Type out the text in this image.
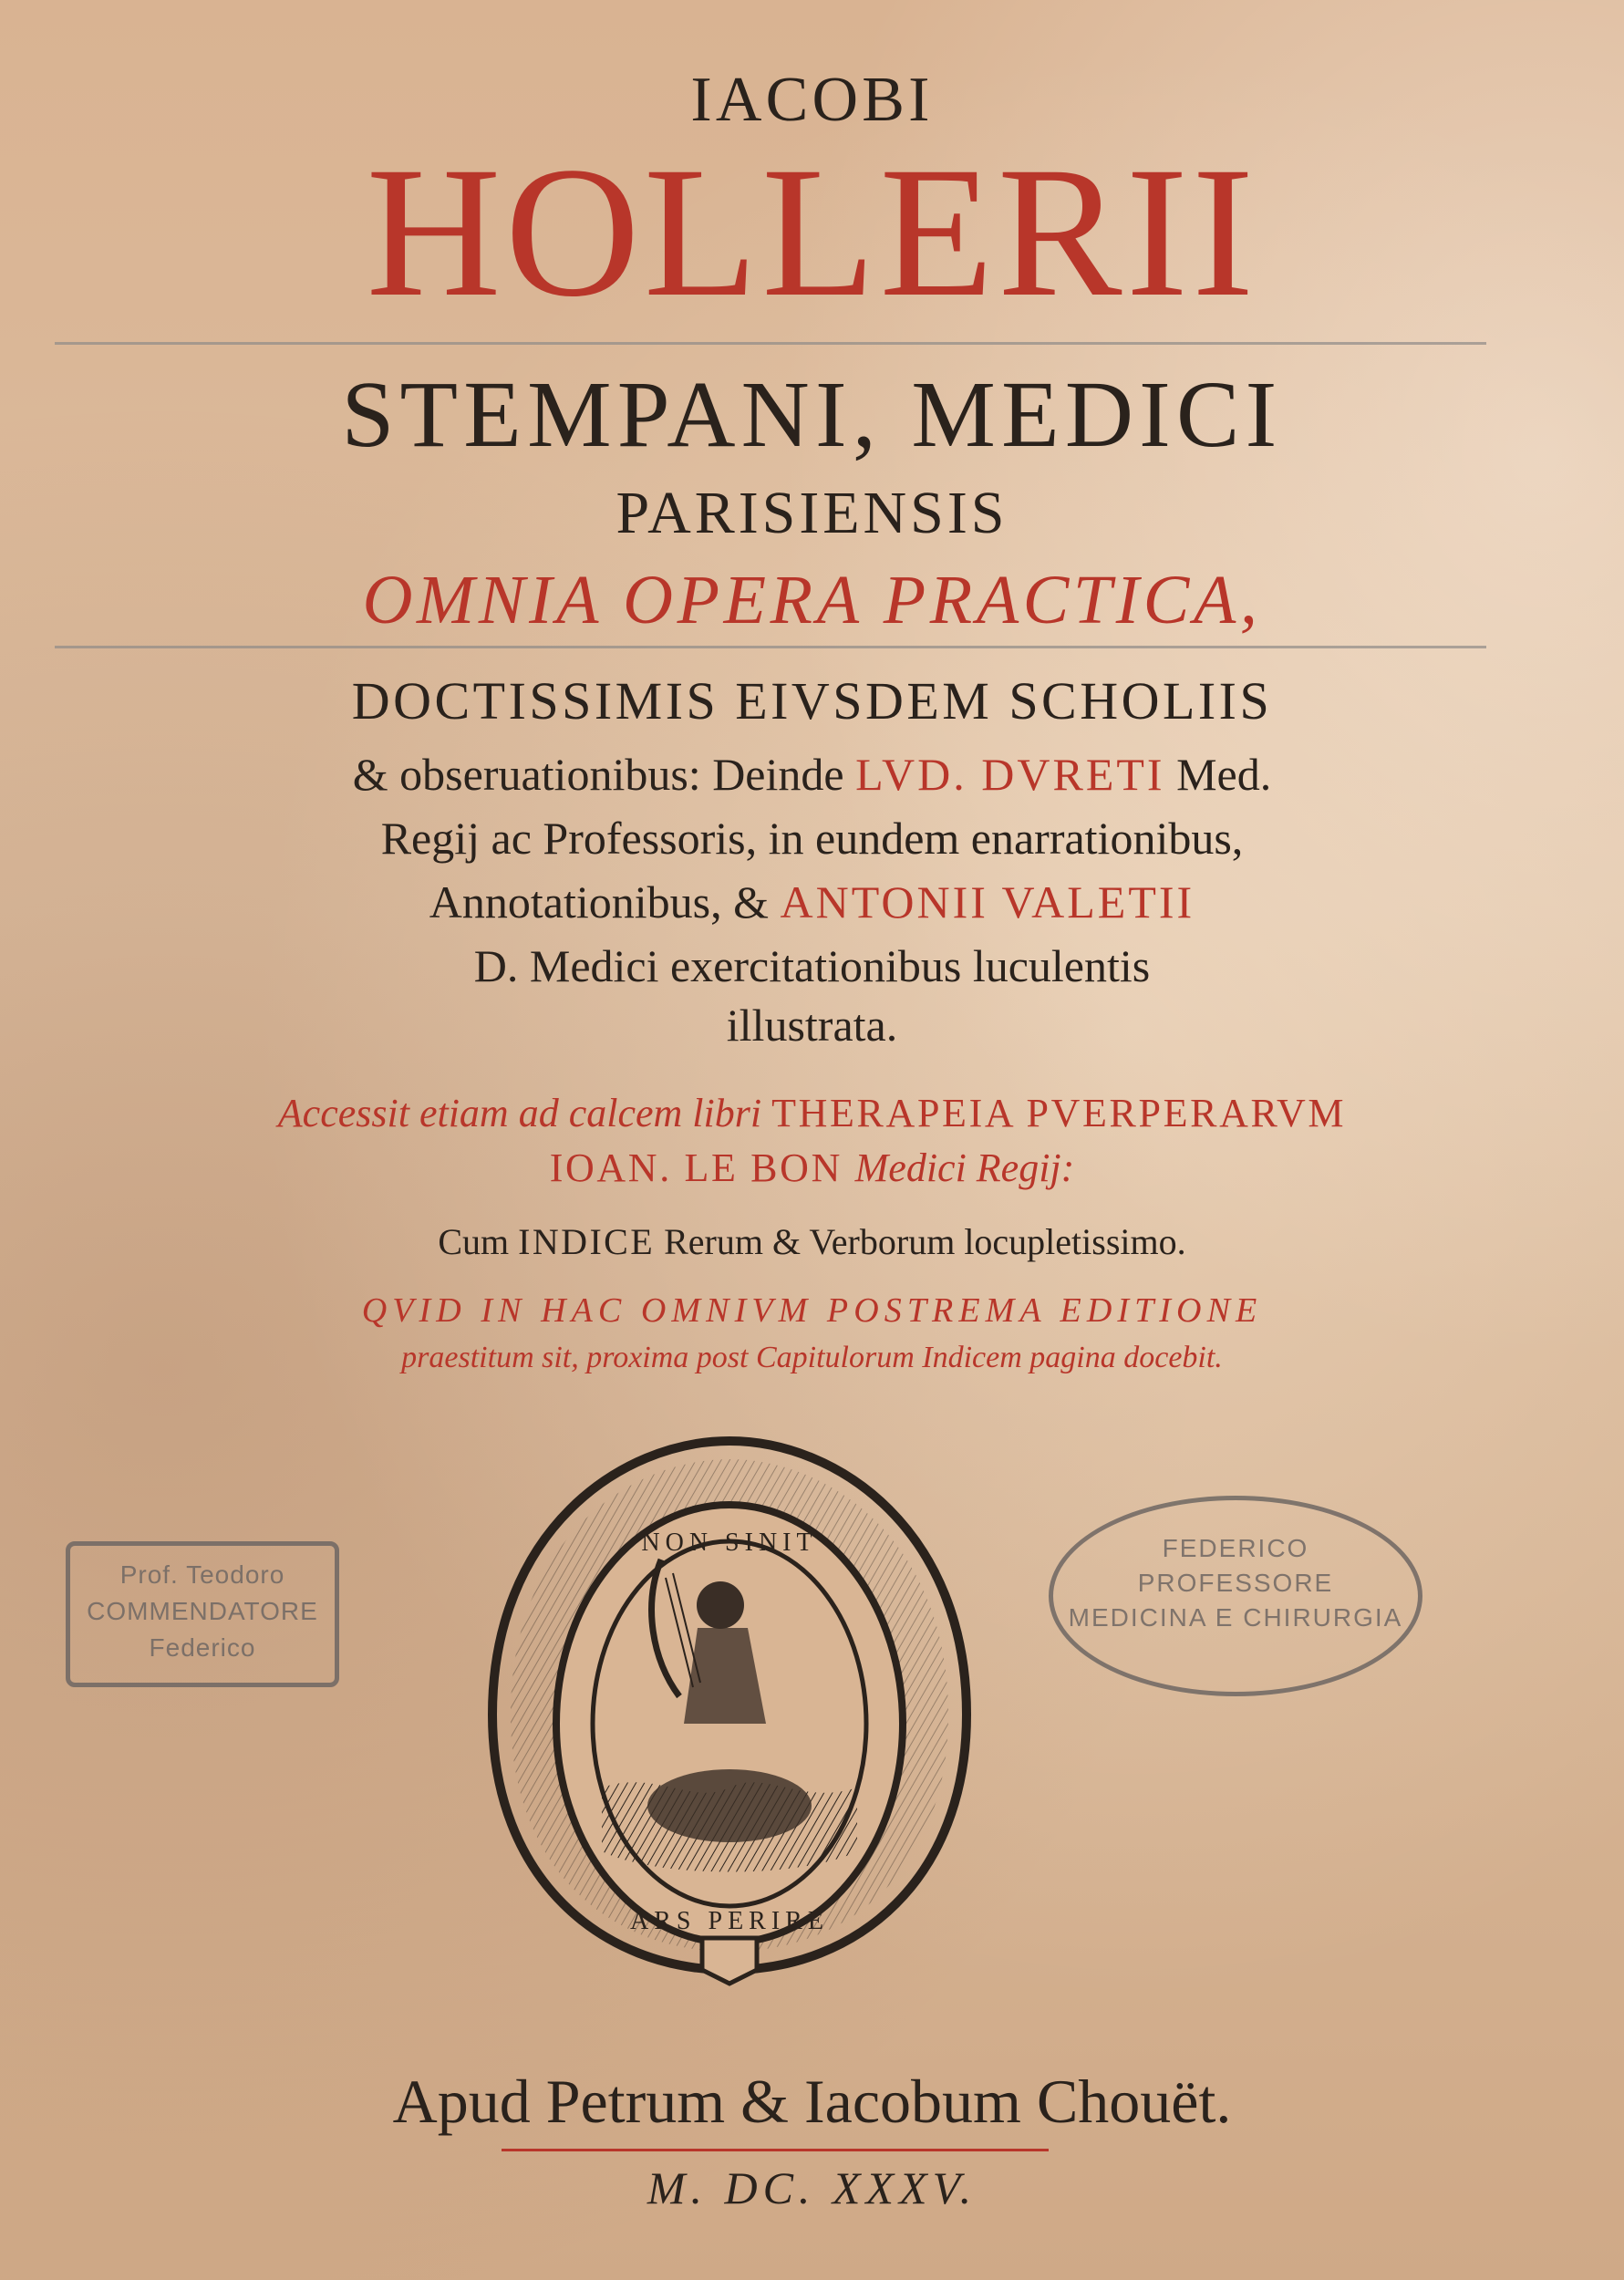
IACOBI
HOLLERII
STEMPANI, MEDICI
PARISIENSIS
OMNIA OPERA PRACTICA,
DOCTISSIMIS EIVSDEM SCHOLIIS
& obseruationibus: Deinde LVD. DVRETI Med.
Regij ac Professoris, in eundem enarrationibus,
Annotationibus, & ANTONII VALETII
D. Medici exercitationibus luculentis
illustrata.
Accessit etiam ad calcem libri THERAPEIA PVERPERARVM
IOAN. LE BON Medici Regij:
Cum INDICE Rerum & Verborum locupletissimo.
QVID IN HAC OMNIVM POSTREMA EDITIONE
praestitum sit, proxima post Capitulorum Indicem pagina docebit.
Prof. Teodoro
COMMENDATORE
Federico
FEDERICO
PROFESSORE
MEDICINA E CHIRURGIA
NON SINIT
ARS PERIRE
Apud Petrum & Iacobum Chouët.
M. DC. XXXV.
